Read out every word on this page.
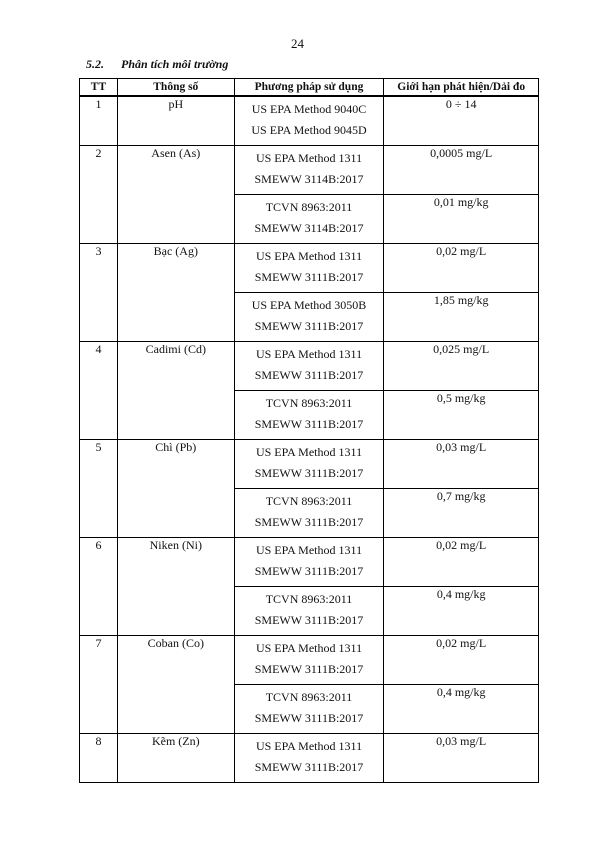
24
5.2. Phân tích môi trường
TT	Thông số	Phương pháp sử dụng	Giới hạn phát hiện/Dải đo
1	pH	US EPA Method 9040C
US EPA Method 9045D	0 ÷ 14
2	Asen (As)	US EPA Method 1311
SMEWW 3114B:2017	0,0005 mg/L

		TCVN 8963:2011
SMEWW 3114B:2017	0,01 mg/kg
3	Bạc (Ag)	US EPA Method 1311
SMEWW 3111B:2017	0,02 mg/L

		US EPA Method 3050B
SMEWW 3111B:2017	1,85 mg/kg
4	Cadimi (Cd)	US EPA Method 1311
SMEWW 3111B:2017	0,025 mg/L

		TCVN 8963:2011
SMEWW 3111B:2017	0,5 mg/kg
5	Chì (Pb)	US EPA Method 1311
SMEWW 3111B:2017	0,03 mg/L

		TCVN 8963:2011
SMEWW 3111B:2017	0,7 mg/kg
6	Niken (Ni)	US EPA Method 1311
SMEWW 3111B:2017	0,02 mg/L

		TCVN 8963:2011
SMEWW 3111B:2017	0,4 mg/kg
7	Coban (Co)	US EPA Method 1311
SMEWW 3111B:2017	0,02 mg/L

		TCVN 8963:2011
SMEWW 3111B:2017	0,4 mg/kg
8	Kẽm (Zn)	US EPA Method 1311
SMEWW 3111B:2017	0,03 mg/L
